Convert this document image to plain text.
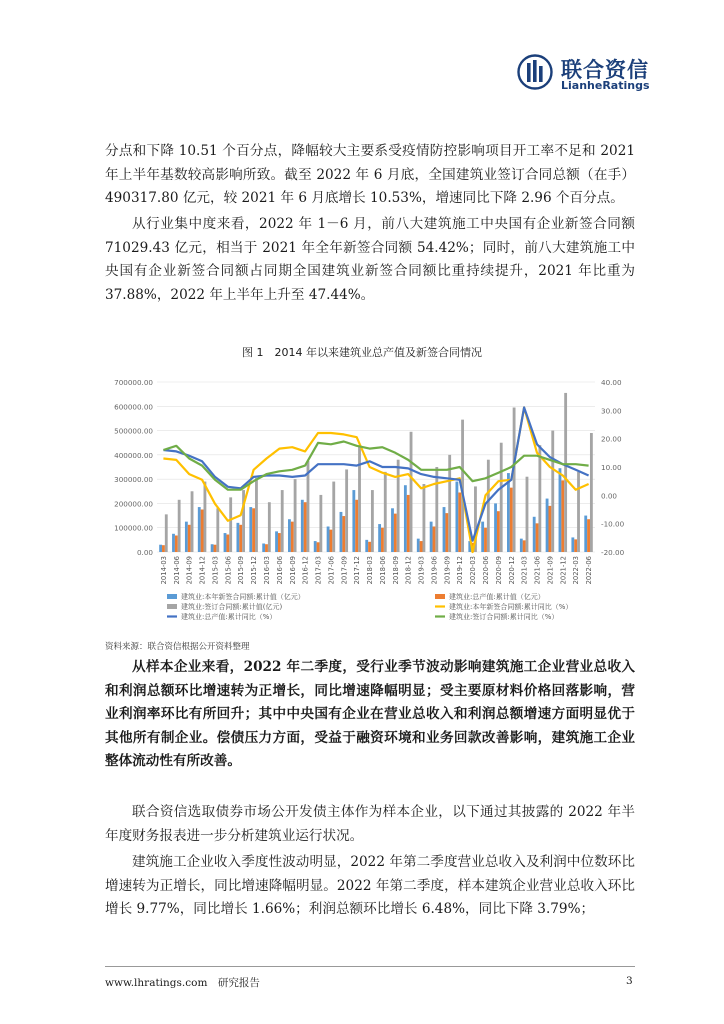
联合资信
LianheRatings

分点和下降 10.51 个百分点，降幅较大主要系受疫情防控影响项目开工率不足和 2021 年上半年基数较高影响所致。截至 2022 年 6 月底，全国建筑业签订合同总额（在手）490317.80 亿元，较 2021 年 6 月底增长 10.53%，增速同比下降 2.96 个百分点。

从行业集中度来看，2022 年 1－6 月，前八大建筑施工中央国有企业新签合同额 71029.43 亿元，相当于 2021 年全年新签合同额 54.42%；同时，前八大建筑施工中央国有企业新签合同额占同期全国建筑业新签合同额比重持续提升，2021 年比重为 37.88%，2022 年上半年上升至 47.44%。

图 1　2014 年以来建筑业总产值及新签合同情况
700000.00
600000.00
500000.00
400000.00
300000.00
200000.00
100000.00
0.00
40.00
30.00
20.00
10.00
0.00
-10.00
-20.00
2014-03 2014-06 2014-09 2014-12 2015-03 2015-06 2015-09 2015-12 2016-03 2016-06 2016-09 2016-12 2017-03 2017-06 2017-09 2017-12 2018-03 2018-06 2018-09 2018-12 2019-03 2019-06 2019-09 2019-12 2020-03 2020-06 2020-09 2020-12 2021-03 2021-06 2021-09 2021-12 2022-03 2022-06
建筑业:本年新签合同额:累计值（亿元）	建筑业:总产值:累计值（亿元）
建筑业:签订合同额:累计值(亿元)	建筑业:本年新签合同额:累计同比（%）
建筑业:总产值:累计同比（%）	建筑业:签订合同额:累计同比（%）
资料来源：联合资信根据公开资料整理

从样本企业来看，2022 年二季度，受行业季节波动影响建筑施工企业营业总收入和利润总额环比增速转为正增长，同比增速降幅明显；受主要原材料价格回落影响，营业利润率环比有所回升；其中中央国有企业在营业总收入和利润总额增速方面明显优于其他所有制企业。偿债压力方面，受益于融资环境和业务回款改善影响，建筑施工企业整体流动性有所改善。

联合资信选取债券市场公开发债主体作为样本企业，以下通过其披露的 2022 年半年度财务报表进一步分析建筑业运行状况。

建筑施工企业收入季度性波动明显，2022 年第二季度营业总收入及利润中位数环比增速转为正增长，同比增速降幅明显。2022 年第二季度，样本建筑企业营业总收入环比增长 9.77%，同比增长 1.66%；利润总额环比增长 6.48%，同比下降 3.79%；

www.lhratings.com　研究报告	3
